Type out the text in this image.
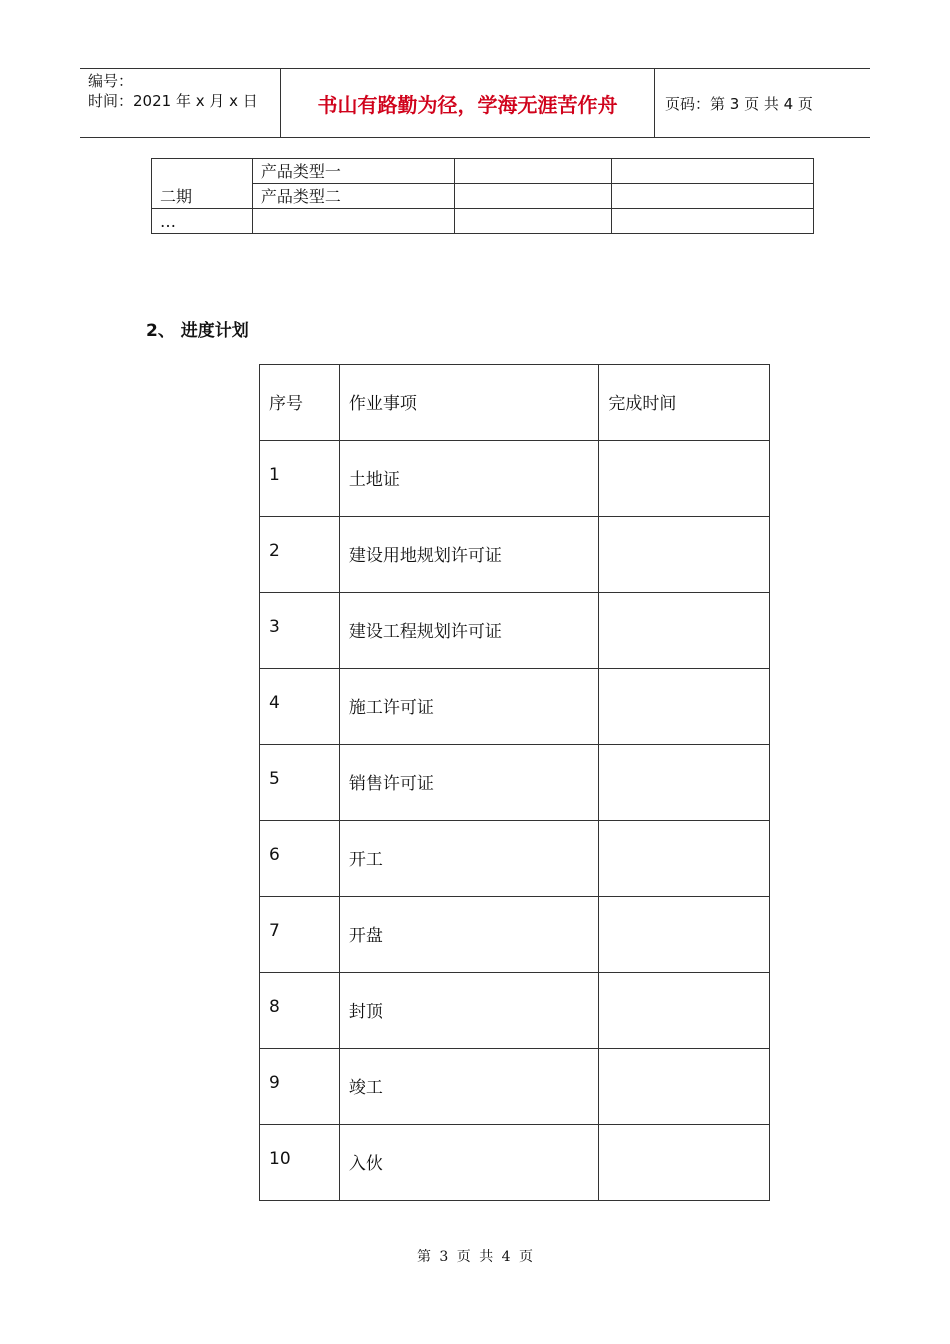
编号：
时间：2021 年 x 月 x 日	书山有路勤为径，学海无涯苦作舟	页码：第 3 页 共 4 页
二期	产品类型一		
	产品类型二		
…			
2、 进度计划
序号	作业事项	完成时间
1	土地证	
2	建设用地规划许可证	
3	建设工程规划许可证	
4	施工许可证	
5	销售许可证	
6	开工	
7	开盘	
8	封顶	
9	竣工	
10	入伙	
第 3 页 共 4 页
